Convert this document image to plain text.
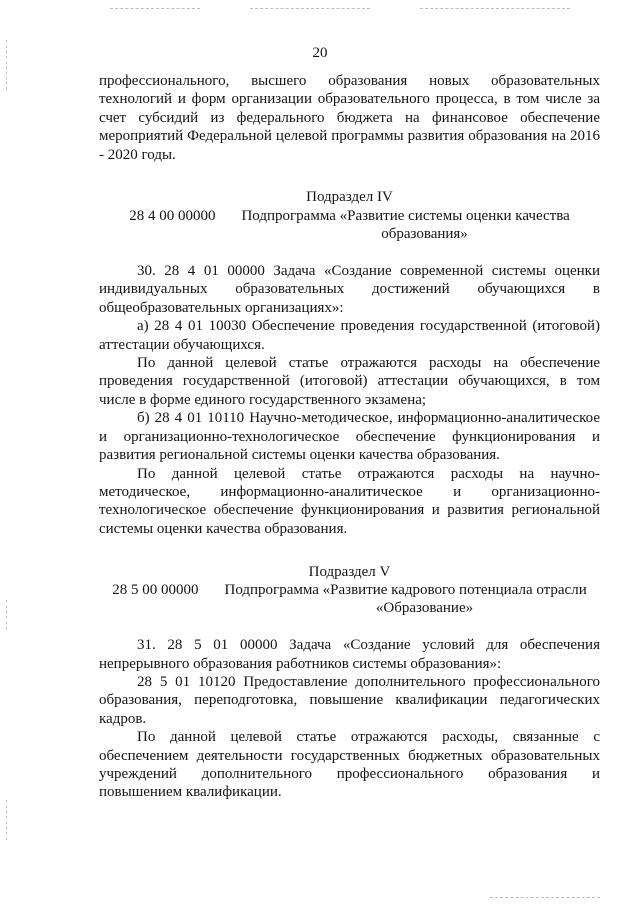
20

профессионального, высшего образования новых образовательных технологий и форм организации образовательного процесса, в том числе за счет субсидий из федерального бюджета на финансовое обеспечение мероприятий Федеральной целевой программы развития образования на 2016 - 2020 годы.

Подраздел IV

28 4 00 00000 Подпрограмма «Развитие системы оценки качества

образования»

30. 28 4 01 00000 Задача «Создание современной системы оценки индивидуальных образовательных достижений обучающихся в общеобразовательных организациях»:

а) 28 4 01 10030 Обеспечение проведения государственной (итоговой) аттестации обучающихся.

По данной целевой статье отражаются расходы на обеспечение проведения государственной (итоговой) аттестации обучающихся, в том числе в форме единого государственного экзамена;

б) 28 4 01 10110 Научно-методическое, информационно-аналитическое и организационно-технологическое обеспечение функционирования и развития региональной системы оценки качества образования.

По данной целевой статье отражаются расходы на научно-методическое, информационно-аналитическое и организационно-технологическое обеспечение функционирования и развития региональной системы оценки качества образования.

Подраздел V

28 5 00 00000 Подпрограмма «Развитие кадрового потенциала отрасли

«Образование»

31. 28 5 01 00000 Задача «Создание условий для обеспечения непрерывного образования работников системы образования»:

28 5 01 10120 Предоставление дополнительного профессионального образования, переподготовка, повышение квалификации педагогических кадров.

По данной целевой статье отражаются расходы, связанные с обеспечением деятельности государственных бюджетных образовательных учреждений дополнительного профессионального образования и повышением квалификации.
